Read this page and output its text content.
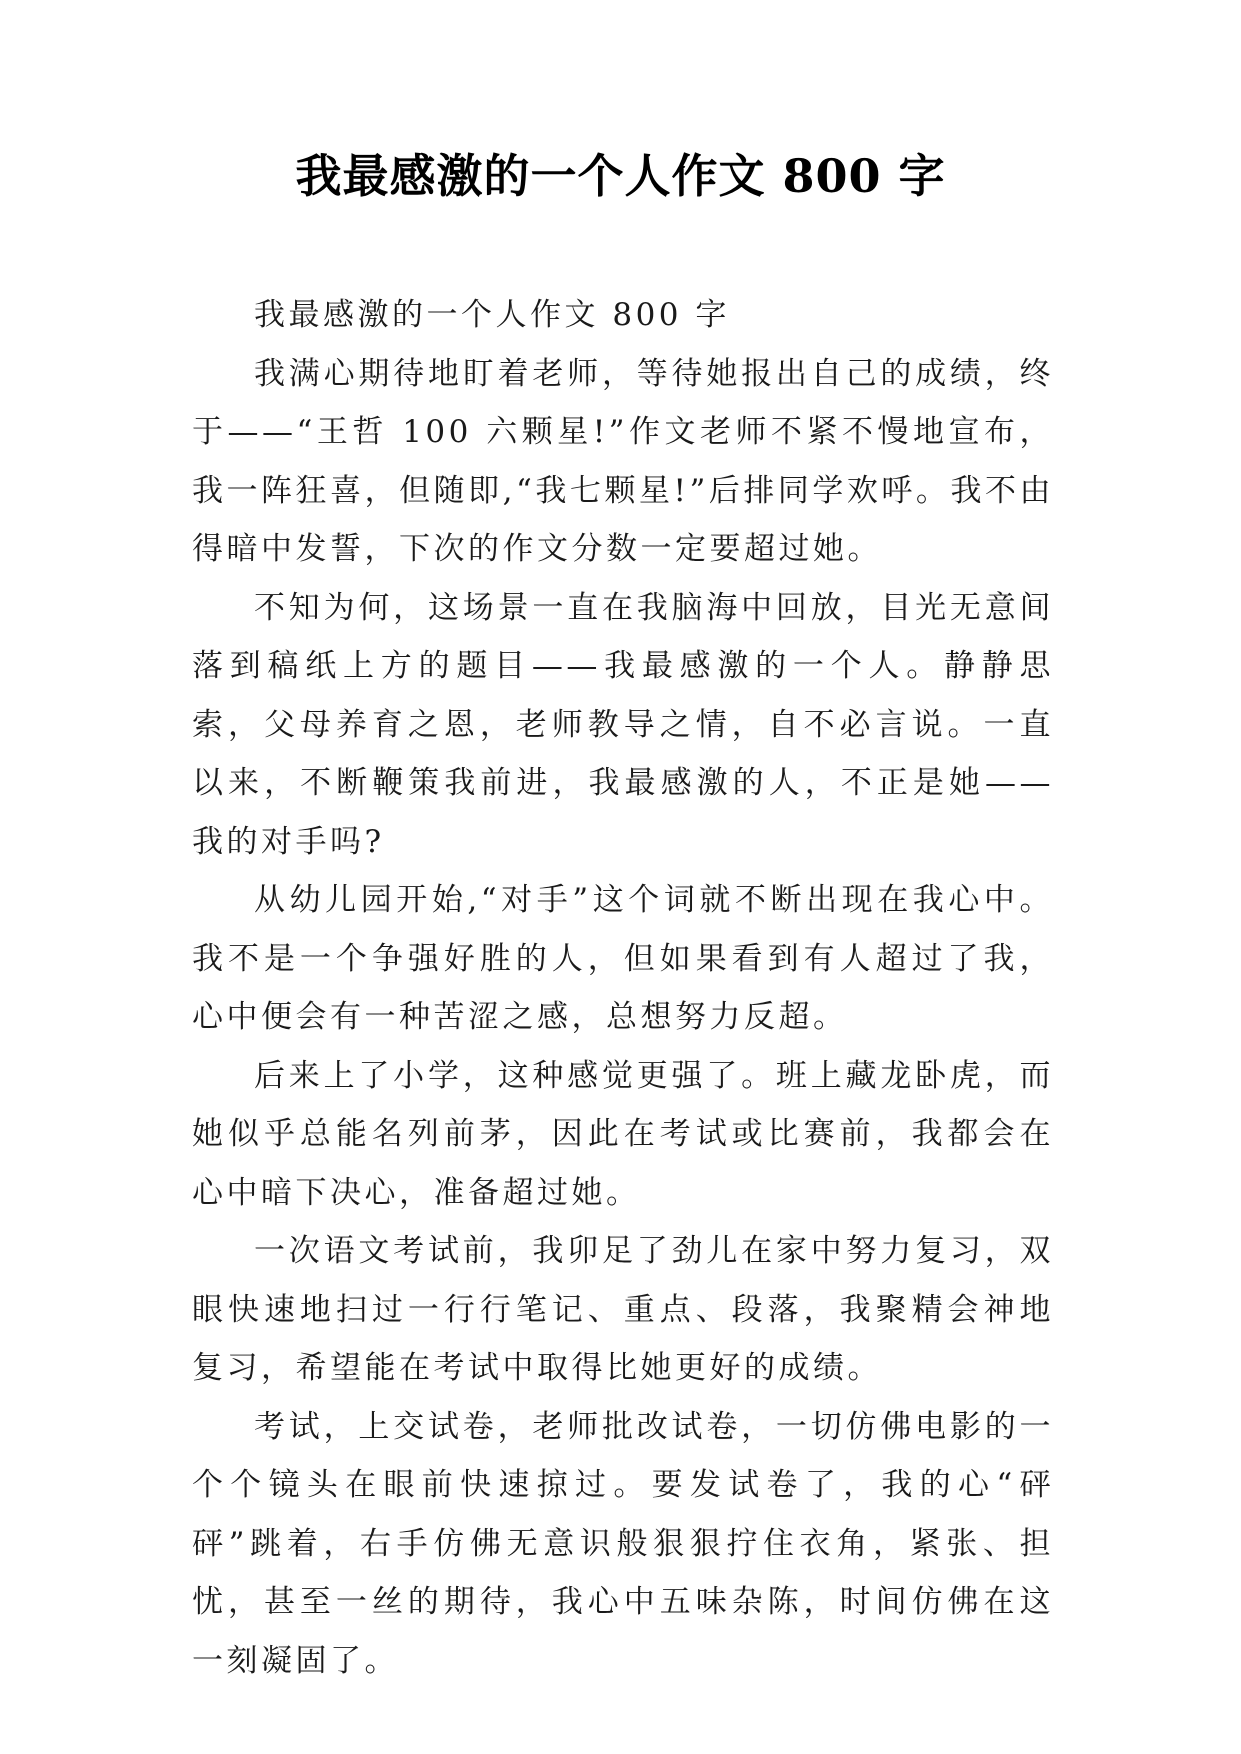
我最感激的一个人作文 800 字

我最感激的一个人作文 800 字

我满心期待地盯着老师，等待她报出自己的成绩，终于——“王哲 100 六颗星!”作文老师不紧不慢地宣布，我一阵狂喜，但随即,“我七颗星!”后排同学欢呼。我不由得暗中发誓，下次的作文分数一定要超过她。

不知为何，这场景一直在我脑海中回放，目光无意间落到稿纸上方的题目——我最感激的一个人。静静思索，父母养育之恩，老师教导之情，自不必言说。一直以来，不断鞭策我前进，我最感激的人，不正是她——我的对手吗?

从幼儿园开始,“对手”这个词就不断出现在我心中。我不是一个争强好胜的人，但如果看到有人超过了我，心中便会有一种苦涩之感，总想努力反超。

后来上了小学，这种感觉更强了。班上藏龙卧虎，而她似乎总能名列前茅，因此在考试或比赛前，我都会在心中暗下决心，准备超过她。

一次语文考试前，我卯足了劲儿在家中努力复习，双眼快速地扫过一行行笔记、重点、段落，我聚精会神地复习，希望能在考试中取得比她更好的成绩。

考试，上交试卷，老师批改试卷，一切仿佛电影的一个个镜头在眼前快速掠过。要发试卷了，我的心“砰砰”跳着，右手仿佛无意识般狠狠拧住衣角，紧张、担忧，甚至一丝的期待，我心中五味杂陈，时间仿佛在这一刻凝固了。
